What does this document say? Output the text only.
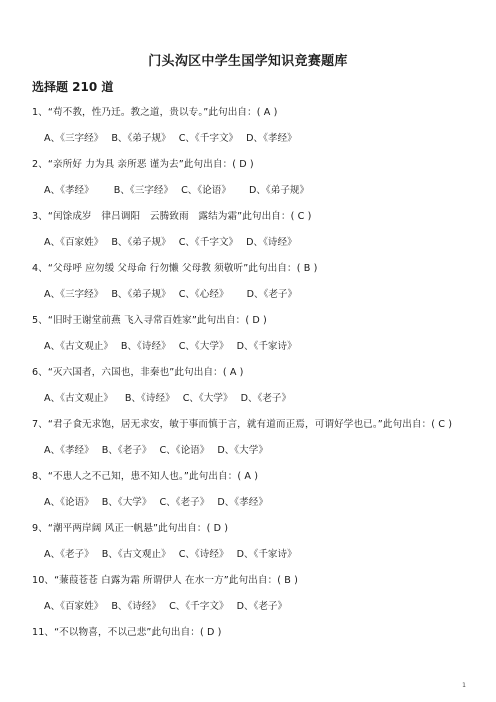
门头沟区中学生国学知识竞赛题库
选择题 210 道
1、“苟不教，性乃迁。教之道，贵以专。”此句出自：( A )
A、《三字经》 B、《弟子规》 C、《千字文》 D、《孝经》
2、“亲所好 力为具 亲所恶 谨为去”此句出自：( D )
A、《孝经》 B、《三字经》 C、《论语》 D、《弟子规》
3、“闰馀成岁　律吕调阳　云腾致雨　露结为霜”此句出自：( C )
A、《百家姓》 B、《弟子规》 C、《千字文》 D、《诗经》
4、“父母呼 应勿缓 父母命 行勿懒 父母教 须敬听”此句出自：( B )
A、《三字经》 B、《弟子规》 C、《心经》 D、《老子》
5、“旧时王谢堂前燕 飞入寻常百姓家”此句出自：( D )
A、《古文观止》 B、《诗经》 C、《大学》 D、《千家诗》
6、“灭六国者，六国也，非秦也”此句出自：( A )
A、《古文观止》 B、《诗经》 C、《大学》 D、《老子》
7、“君子食无求饱，居无求安，敏于事而慎于言，就有道而正焉，可谓好学也已。”此句出自：( C )
A、《孝经》 B、《老子》 C、《论语》 D、《大学》
8、“不患人之不己知，患不知人也。”此句出自：( A )
A、《论语》 B、《大学》 C、《老子》 D、《孝经》
9、“潮平两岸阔 风正一帆悬”此句出自：( D )
A、《老子》 B、《古文观止》 C、《诗经》 D、《千家诗》
10、“蒹葭苍苍 白露为霜 所谓伊人 在水一方”此句出自：( B )
A、《百家姓》 B、《诗经》 C、《千字文》 D、《老子》
11、“不以物喜，不以己悲”此句出自：( D )
1
